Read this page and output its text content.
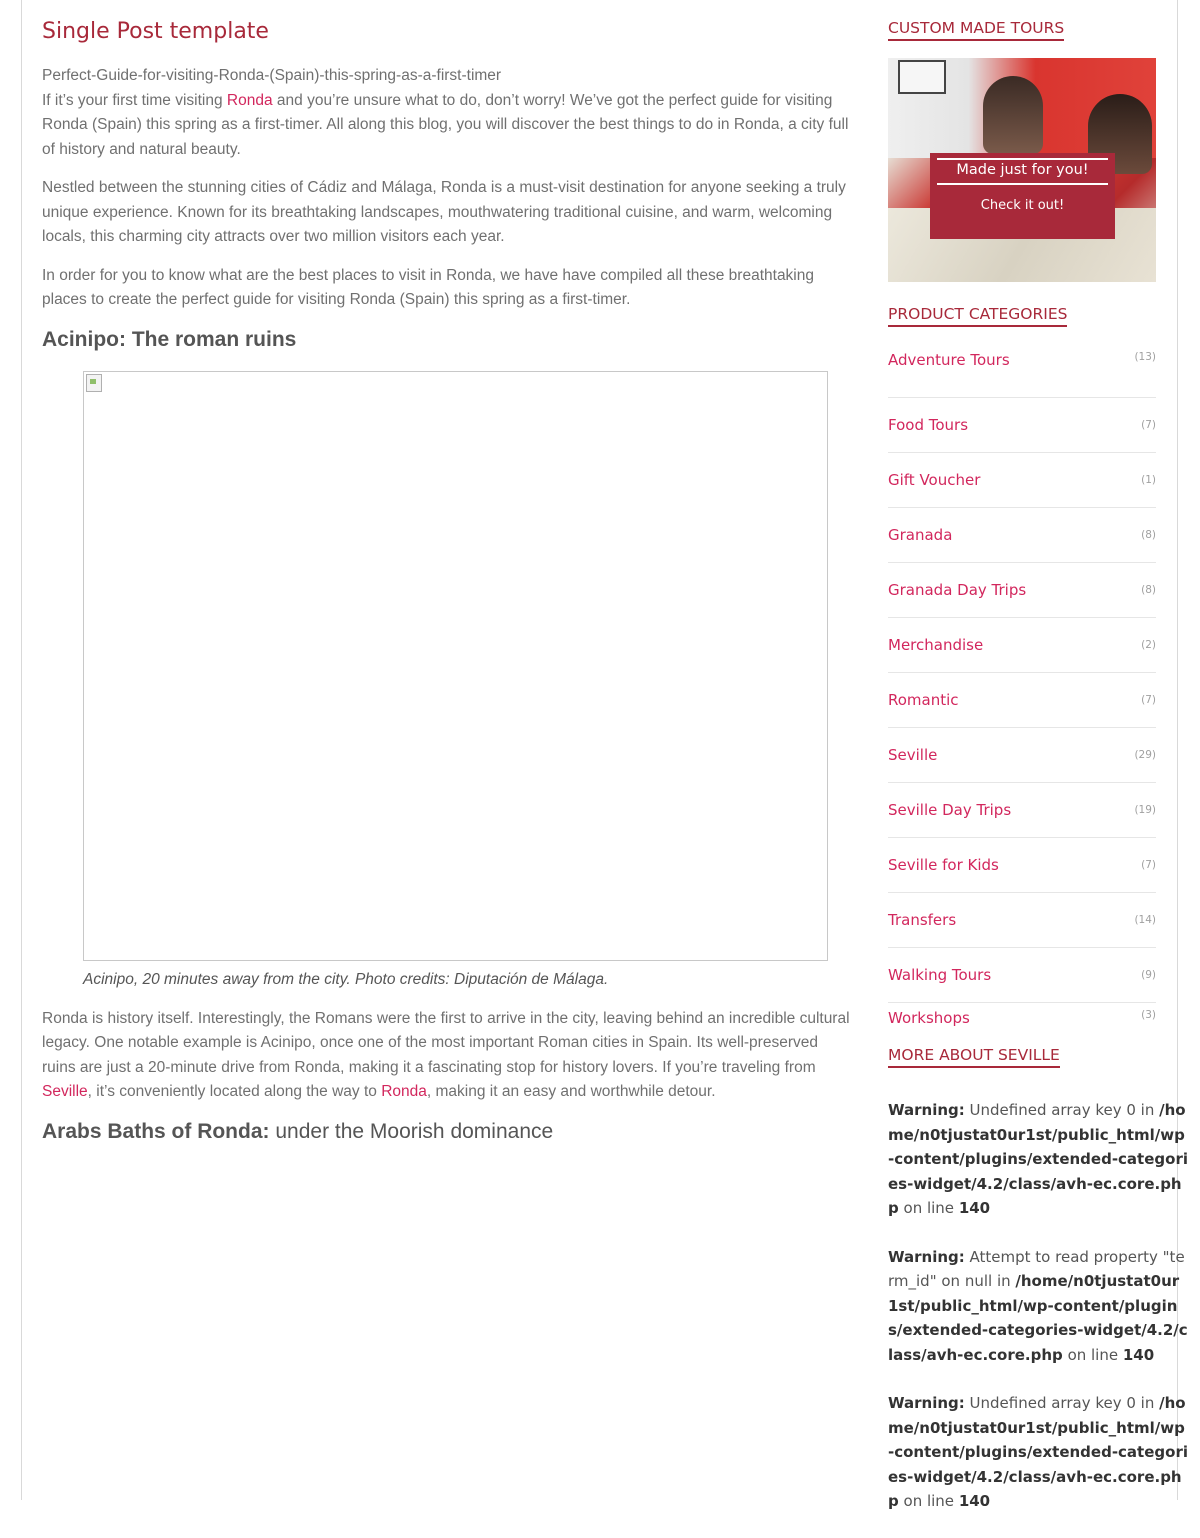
Single Post template
Perfect-Guide-for-visiting-Ronda-(Spain)-this-spring-as-a-first-timer
If it’s your first time visiting Ronda and you’re unsure what to do, don’t worry! We’ve got the perfect guide for visiting Ronda (Spain) this spring as a first-timer. All along this blog, you will discover the best things to do in Ronda, a city full of history and natural beauty.

Nestled between the stunning cities of Cádiz and Málaga, Ronda is a must-visit destination for anyone seeking a truly unique experience. Known for its breathtaking landscapes, mouthwatering traditional cuisine, and warm, welcoming locals, this charming city attracts over two million visitors each year.

In order for you to know what are the best places to visit in Ronda, we have have compiled all these breathtaking places to create the perfect guide for visiting Ronda (Spain) this spring as a first-timer.

Acinipo: The roman ruins
Acinipo, 20 minutes away from the city. Photo credits: Diputación de Málaga.

Ronda is history itself. Interestingly, the Romans were the first to arrive in the city, leaving behind an incredible cultural legacy. One notable example is Acinipo, once one of the most important Roman cities in Spain. Its well-preserved ruins are just a 20-minute drive from Ronda, making it a fascinating stop for history lovers. If you’re traveling from Seville, it’s conveniently located along the way to Ronda, making it an easy and worthwhile detour.

Arabs Baths of Ronda: under the Moorish dominance
CUSTOM MADE TOURS
Made just for you!
Check it out!
PRODUCT CATEGORIES
Adventure Tours	(13)
Food Tours	(7)
Gift Voucher	(1)
Granada	(8)
Granada Day Trips	(8)
Merchandise	(2)
Romantic	(7)
Seville	(29)
Seville Day Trips	(19)
Seville for Kids	(7)
Transfers	(14)
Walking Tours	(9)
Workshops	(3)
MORE ABOUT SEVILLE
Warning: Undefined array key 0 in /home/n0tjustat0ur1st/public_html/wp-content/plugins/extended-categories-widget/4.2/class/avh-ec.core.php on line 140
Warning: Attempt to read property "term_id" on null in /home/n0tjustat0ur1st/public_html/wp-content/plugins/extended-categories-widget/4.2/class/avh-ec.core.php on line 140
Warning: Undefined array key 0 in /home/n0tjustat0ur1st/public_html/wp-content/plugins/extended-categories-widget/4.2/class/avh-ec.core.php on line 140
